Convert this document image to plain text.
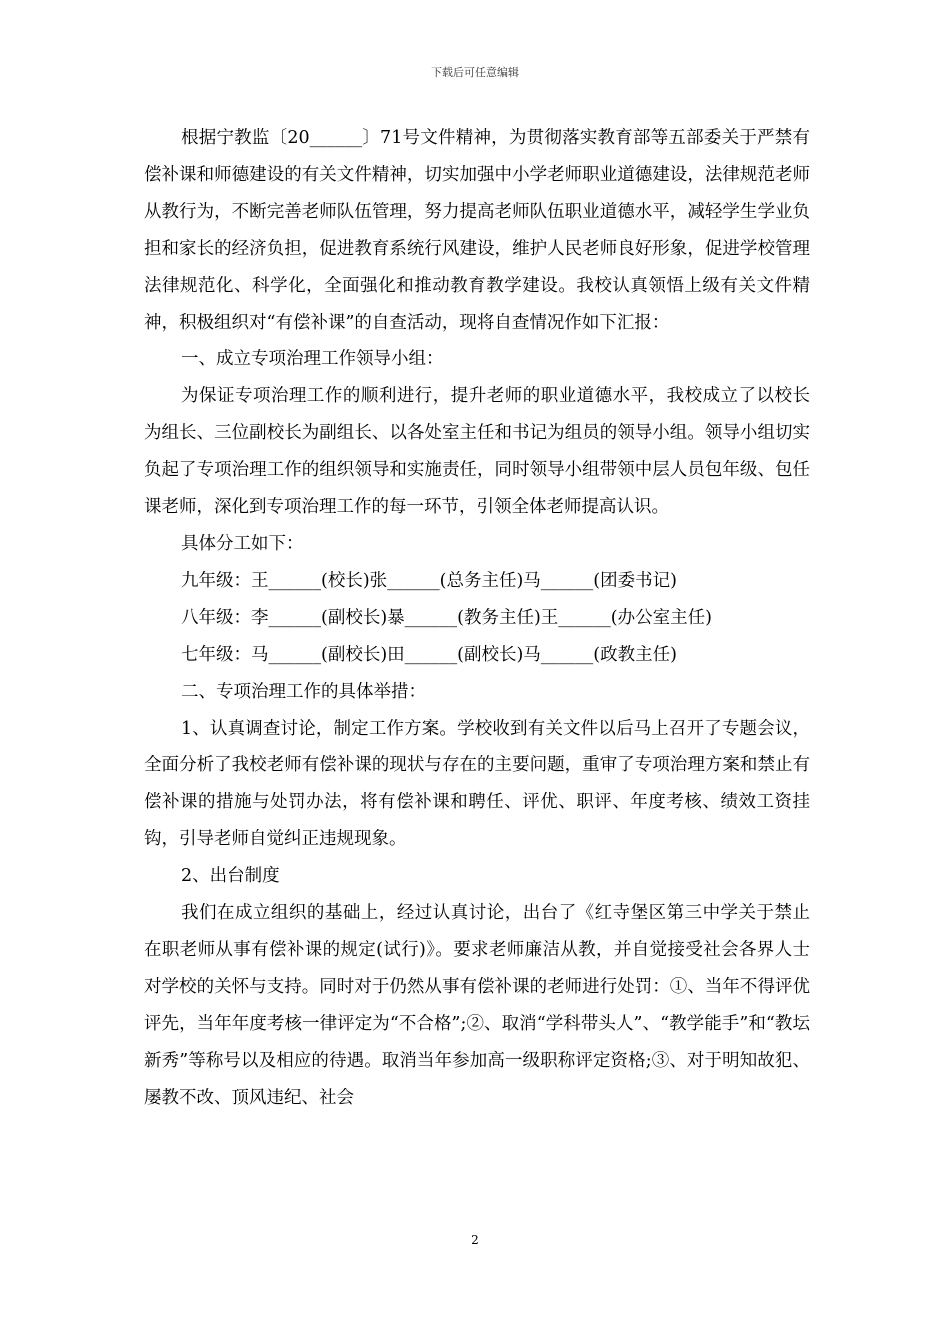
下载后可任意编辑

根据宁教监〔20______〕71号文件精神，为贯彻落实教育部等五部委关于严禁有偿补课和师德建设的有关文件精神，切实加强中小学老师职业道德建设，法律规范老师从教行为，不断完善老师队伍管理，努力提高老师队伍职业道德水平，减轻学生学业负担和家长的经济负担，促进教育系统行风建设，维护人民老师良好形象，促进学校管理法律规范化、科学化，全面强化和推动教育教学建设。我校认真领悟上级有关文件精神，积极组织对“有偿补课”的自查活动，现将自查情况作如下汇报：

一、成立专项治理工作领导小组：

为保证专项治理工作的顺利进行，提升老师的职业道德水平，我校成立了以校长为组长、三位副校长为副组长、以各处室主任和书记为组员的领导小组。领导小组切实负起了专项治理工作的组织领导和实施责任，同时领导小组带领中层人员包年级、包任课老师，深化到专项治理工作的每一环节，引领全体老师提高认识。

具体分工如下：

九年级：王______(校长)张______(总务主任)马______(团委书记)

八年级：李______(副校长)暴______(教务主任)王______(办公室主任)

七年级：马______(副校长)田______(副校长)马______(政教主任)

二、专项治理工作的具体举措：

1、认真调查讨论，制定工作方案。学校收到有关文件以后马上召开了专题会议，全面分析了我校老师有偿补课的现状与存在的主要问题，重审了专项治理方案和禁止有偿补课的措施与处罚办法，将有偿补课和聘任、评优、职评、年度考核、绩效工资挂钩，引导老师自觉纠正违规现象。

2、出台制度

我们在成立组织的基础上，经过认真讨论，出台了《红寺堡区第三中学关于禁止在职老师从事有偿补课的规定(试行)》。要求老师廉洁从教，并自觉接受社会各界人士对学校的关怀与支持。同时对于仍然从事有偿补课的老师进行处罚：①、当年不得评优评先，当年年度考核一律评定为“不合格”;②、取消“学科带头人”、“教学能手”和“教坛新秀”等称号以及相应的待遇。取消当年参加高一级职称评定资格;③、对于明知故犯、屡教不改、顶风违纪、社会

2
